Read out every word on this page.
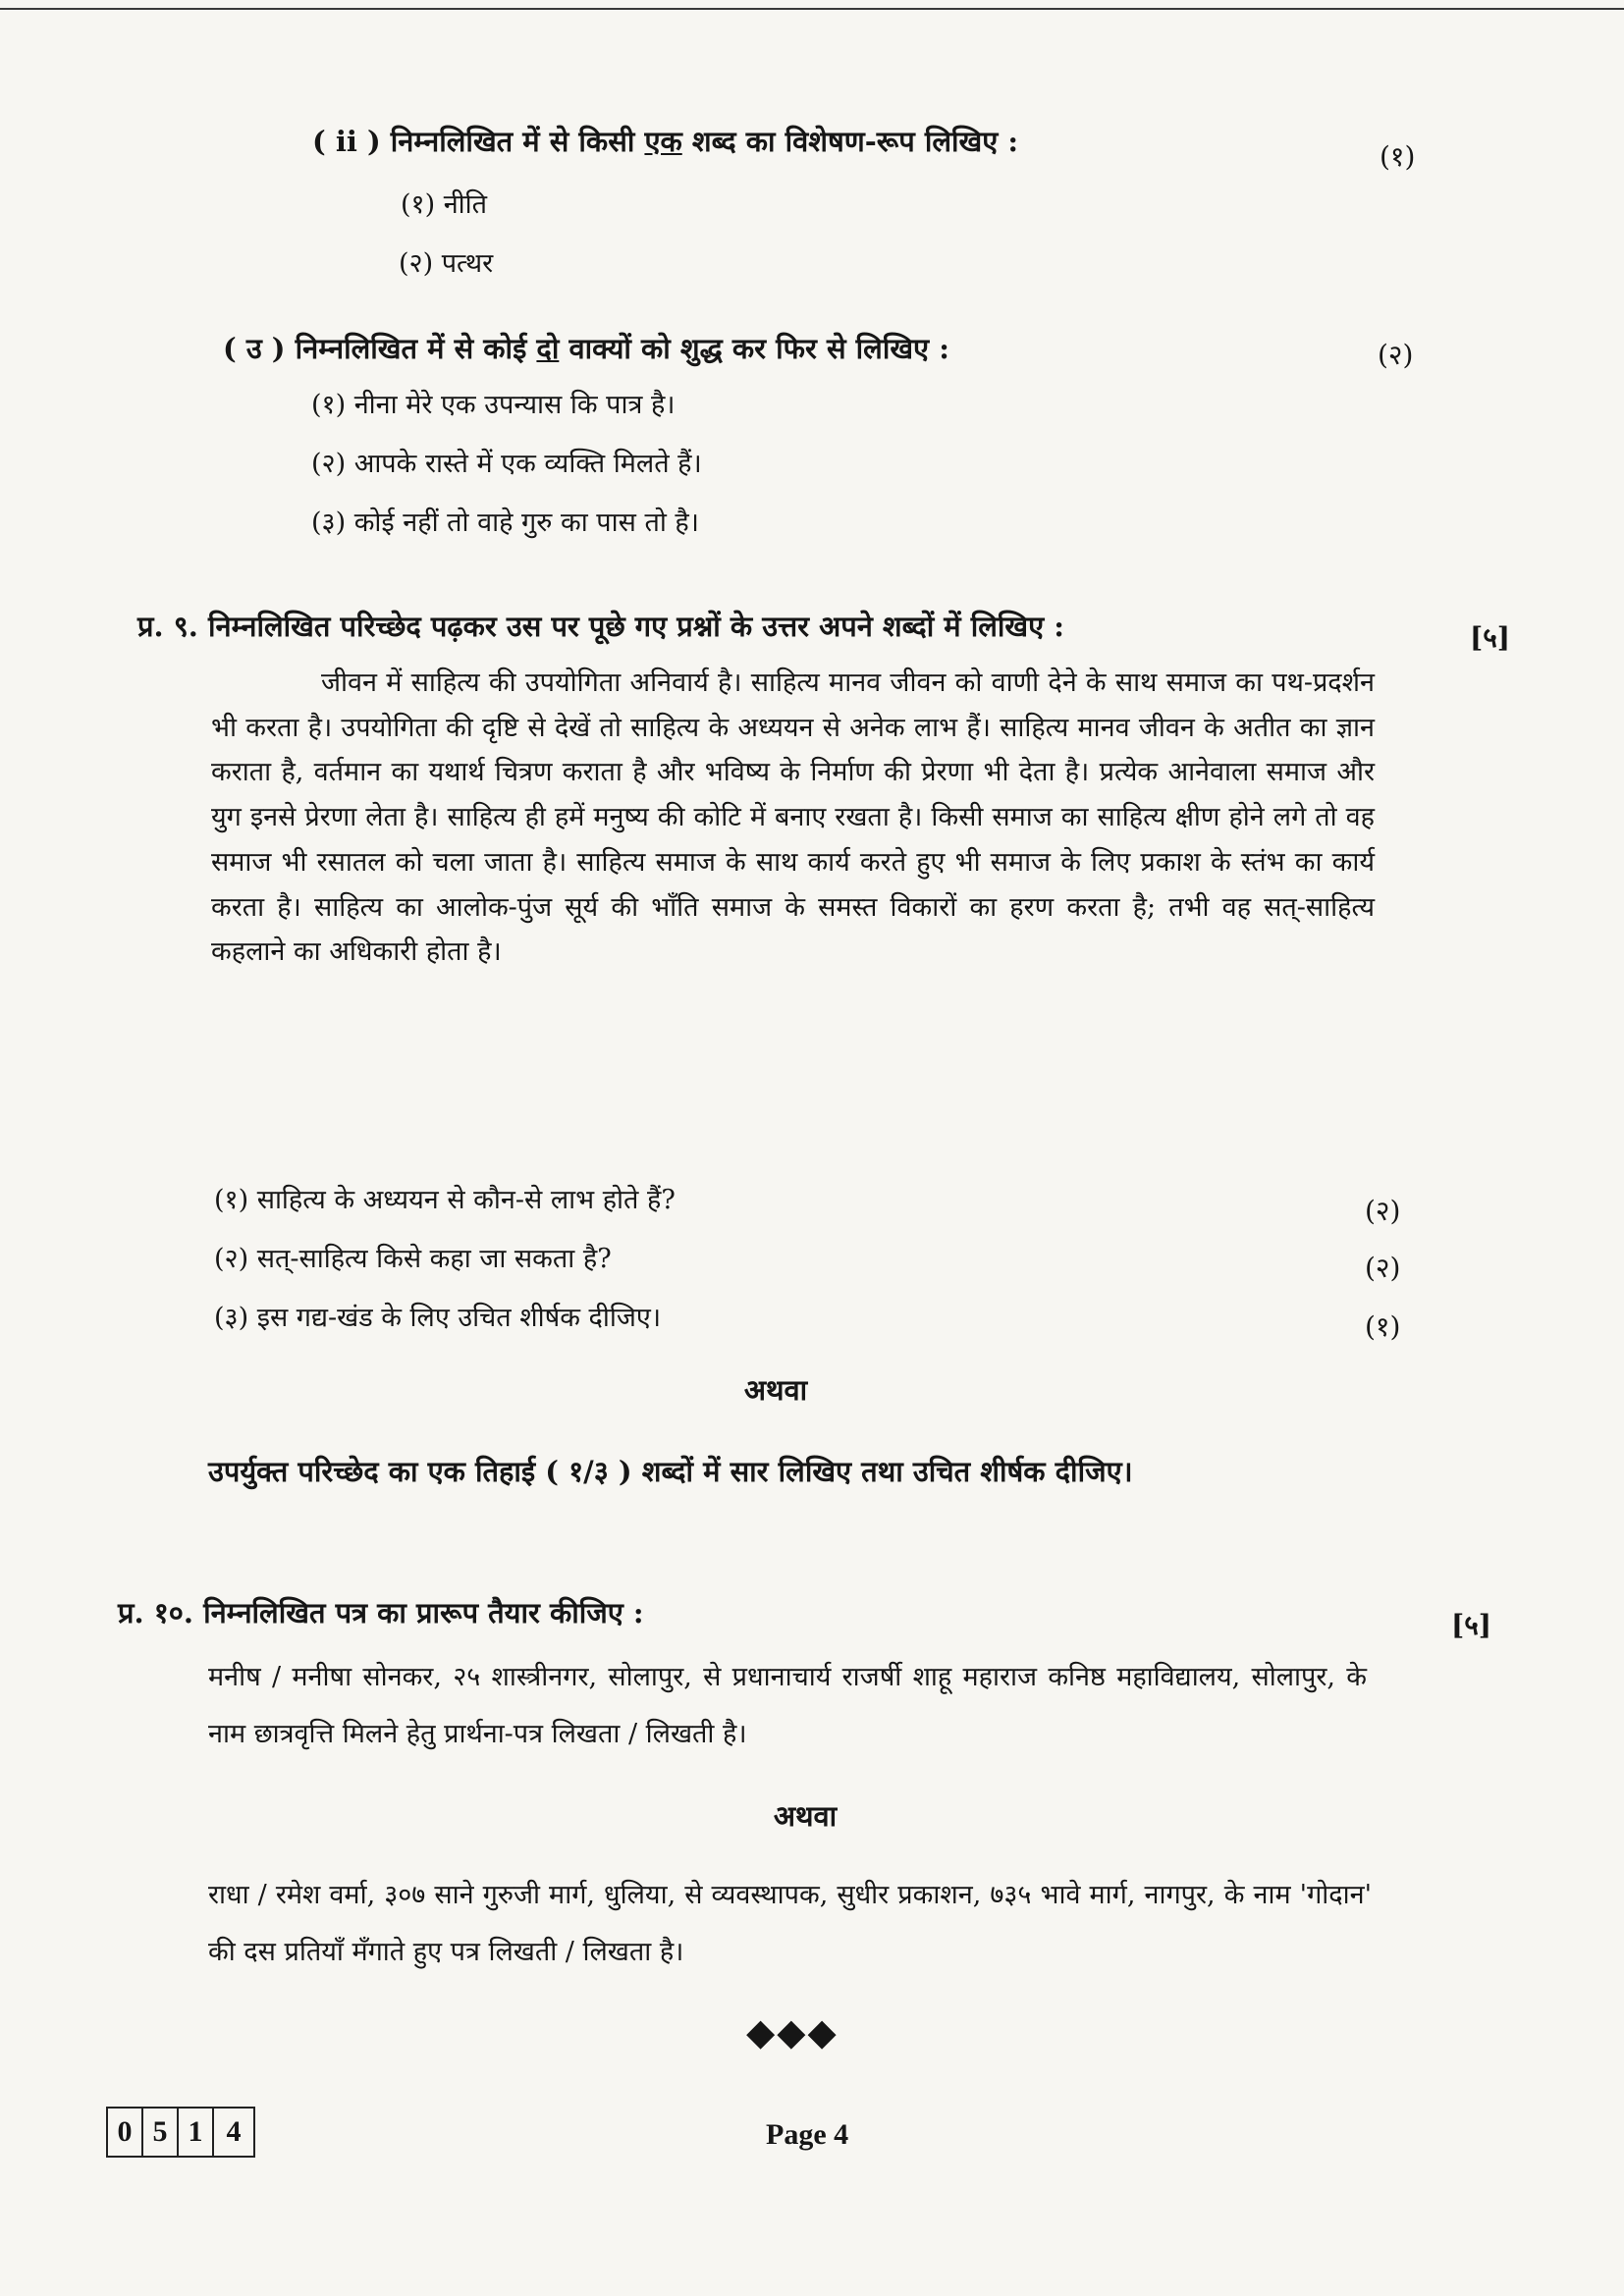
( ii ) निम्नलिखित में से किसी एक शब्द का विशेषण-रूप लिखिए :	(१)
(१) नीति
(२) पत्थर
( उ ) निम्नलिखित में से कोई दो वाक्यों को शुद्ध कर फिर से लिखिए :	(२)
(१) नीना मेरे एक उपन्यास कि पात्र है।
(२) आपके रास्ते में एक व्यक्ति मिलते हैं।
(३) कोई नहीं तो वाहे गुरु का पास तो है।
प्र. ९. निम्नलिखित परिच्छेद पढ़कर उस पर पूछे गए प्रश्नों के उत्तर अपने शब्दों में लिखिए :	[५]
जीवन में साहित्य की उपयोगिता अनिवार्य है। साहित्य मानव जीवन को वाणी देने के साथ समाज का पथ-प्रदर्शन भी करता है। उपयोगिता की दृष्टि से देखें तो साहित्य के अध्ययन से अनेक लाभ हैं। साहित्य मानव जीवन के अतीत का ज्ञान कराता है, वर्तमान का यथार्थ चित्रण कराता है और भविष्य के निर्माण की प्रेरणा भी देता है। प्रत्येक आनेवाला समाज और युग इनसे प्रेरणा लेता है। साहित्य ही हमें मनुष्य की कोटि में बनाए रखता है। किसी समाज का साहित्य क्षीण होने लगे तो वह समाज भी रसातल को चला जाता है। साहित्य समाज के साथ कार्य करते हुए भी समाज के लिए प्रकाश के स्तंभ का कार्य करता है। साहित्य का आलोक-पुंज सूर्य की भाँति समाज के समस्त विकारों का हरण करता है; तभी वह सत्-साहित्य कहलाने का अधिकारी होता है।
(१) साहित्य के अध्ययन से कौन-से लाभ होते हैं?	(२)
(२) सत्-साहित्य किसे कहा जा सकता है?	(२)
(३) इस गद्य-खंड के लिए उचित शीर्षक दीजिए।	(१)
अथवा
उपर्युक्त परिच्छेद का एक तिहाई ( १/३ ) शब्दों में सार लिखिए तथा उचित शीर्षक दीजिए।
प्र. १०. निम्नलिखित पत्र का प्रारूप तैयार कीजिए :	[५]
मनीष / मनीषा सोनकर, २५ शास्त्रीनगर, सोलापुर, से प्रधानाचार्य राजर्षी शाहू महाराज कनिष्ठ महाविद्यालय, सोलापुर, के नाम छात्रवृत्ति मिलने हेतु प्रार्थना-पत्र लिखता / लिखती है।
अथवा
राधा / रमेश वर्मा, ३०७ साने गुरुजी मार्ग, धुलिया, से व्यवस्थापक, सुधीर प्रकाशन, ७३५ भावे मार्ग, नागपुर, के नाम 'गोदान' की दस प्रतियाँ मँगाते हुए पत्र लिखती / लिखता है।
◆◆◆
0 5 1 4	Page 4
